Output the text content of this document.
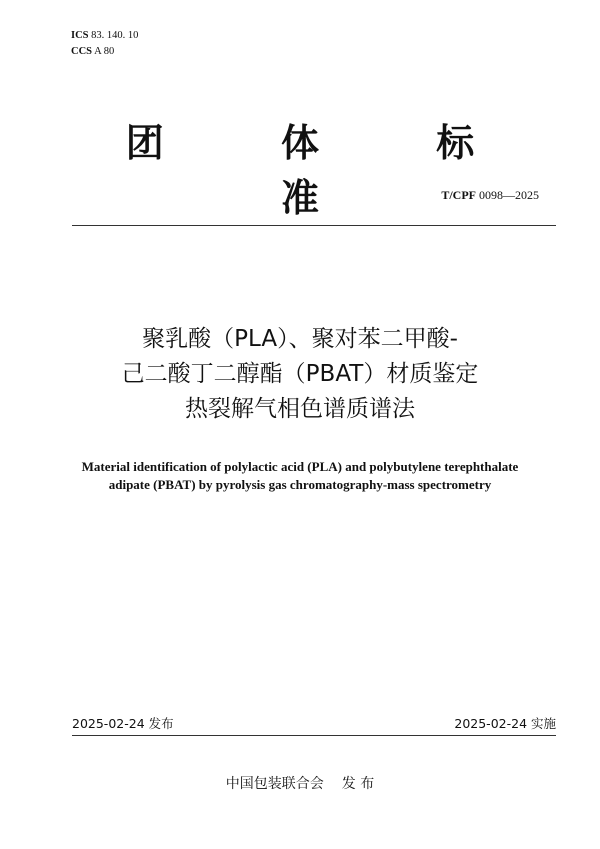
ICS 83. 140. 10
CCS A 80
团 体 标 准	T/CPF 0098—2025
聚乳酸（PLA）、聚对苯二甲酸-
己二酸丁二醇酯（PBAT）材质鉴定
热裂解气相色谱质谱法
Material identification of polylactic acid (PLA) and polybutylene terephthalate
adipate (PBAT) by pyrolysis gas chromatography-mass spectrometry
2025-02-24 发布	2025-02-24 实施
中国包装联合会 发 布
